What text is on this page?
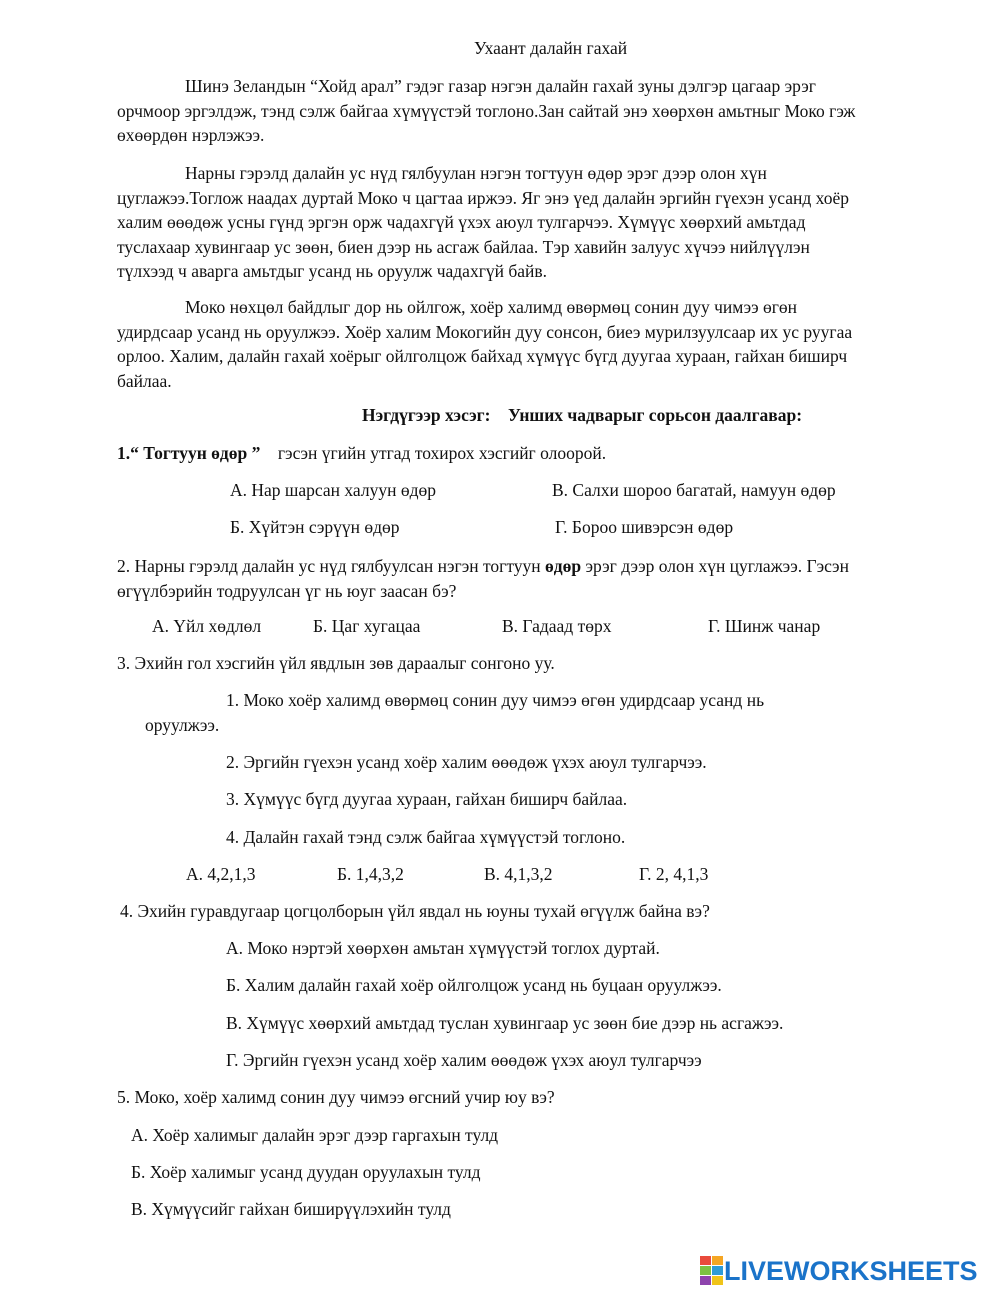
Ухаант далайн гахай
Шинэ Зеландын “Хойд арал” гэдэг газар нэгэн далайн гахай зуны дэлгэр цагаар эрэг орчмоор эргэлдэж, тэнд сэлж байгаа хүмүүстэй тоглоно.Зан сайтай энэ хөөрхөн амьтныг Моко гэж өхөөрдөн нэрлэжээ.
Нарны гэрэлд далайн ус нүд гялбуулан нэгэн тогтуун өдөр эрэг дээр олон хүн цуглажээ.Тоглож наадах дуртай Моко ч цагтаа иржээ. Яг энэ үед далайн эргийн гүехэн усанд хоёр халим өөөдөж усны гүнд эргэн орж чадахгүй үхэх аюул тулгарчээ. Хүмүүс хөөрхий амьтдад туслахаар хувингаар ус зөөн, биен дээр нь асгаж байлаа. Тэр хавийн залуус хүчээ нийлүүлэн түлхээд ч аварга амьтдыг усанд нь оруулж чадахгүй байв.
Моко нөхцөл байдлыг дор нь ойлгож, хоёр халимд өвөрмөц сонин дуу чимээ өгөн удирдсаар усанд нь оруулжээ. Хоёр халим Мокогийн дуу сонсон, биеэ мурилзуулсаар их ус руугаа орлоо. Халим, далайн гахай хоёрыг ойлголцож байхад хүмүүс бүгд дуугаа хураан, гайхан биширч байлаа.
Нэгдүгээр хэсэг: Унших чадварыг сорьсон даалгавар:
1.“ Тогтуун өдөр ” гэсэн үгийн утгад тохирох хэсгийг олоорой.
А. Нар шарсан халуун өдөр	В. Салхи шороо багатай, намуун өдөр
Б. Хүйтэн сэрүүн өдөр	Г. Бороо шивэрсэн өдөр
2. Нарны гэрэлд далайн ус нүд гялбуулсан нэгэн тогтуун өдөр эрэг дээр олон хүн цуглажээ. Гэсэн өгүүлбэрийн тодруулсан үг нь юуг заасан бэ?
А. Үйл хөдлөл	Б. Цаг хугацаа	В. Гадаад төрх	Г. Шинж чанар
3. Эхийн гол хэсгийн үйл явдлын зөв дараалыг сонгоно уу.
1. Моко хоёр халимд өвөрмөц сонин дуу чимээ өгөн удирдсаар усанд нь
оруулжээ.
2. Эргийн гүехэн усанд хоёр халим өөөдөж үхэх аюул тулгарчээ.
3. Хүмүүс бүгд дуугаа хураан, гайхан биширч байлаа.
4. Далайн гахай тэнд сэлж байгаа хүмүүстэй тоглоно.
А. 4,2,1,3	Б. 1,4,3,2	В. 4,1,3,2	Г. 2, 4,1,3
4. Эхийн гуравдугаар цогцолборын үйл явдал нь юуны тухай өгүүлж байна вэ?
А. Моко нэртэй хөөрхөн амьтан хүмүүстэй тоглох дуртай.
Б. Халим далайн гахай хоёр ойлголцож усанд нь буцаан оруулжээ.
В. Хүмүүс хөөрхий амьтдад туслан хувингаар ус зөөн бие дээр нь асгажээ.
Г. Эргийн гүехэн усанд хоёр халим өөөдөж үхэх аюул тулгарчээ
5. Моко, хоёр халимд сонин дуу чимээ өгсний учир юу вэ?
А. Хоёр халимыг далайн эрэг дээр гаргахын тулд
Б. Хоёр халимыг усанд дуудан оруулахын тулд
В. Хүмүүсийг гайхан биширүүлэхийн тулд
LIVEWORKSHEETS
